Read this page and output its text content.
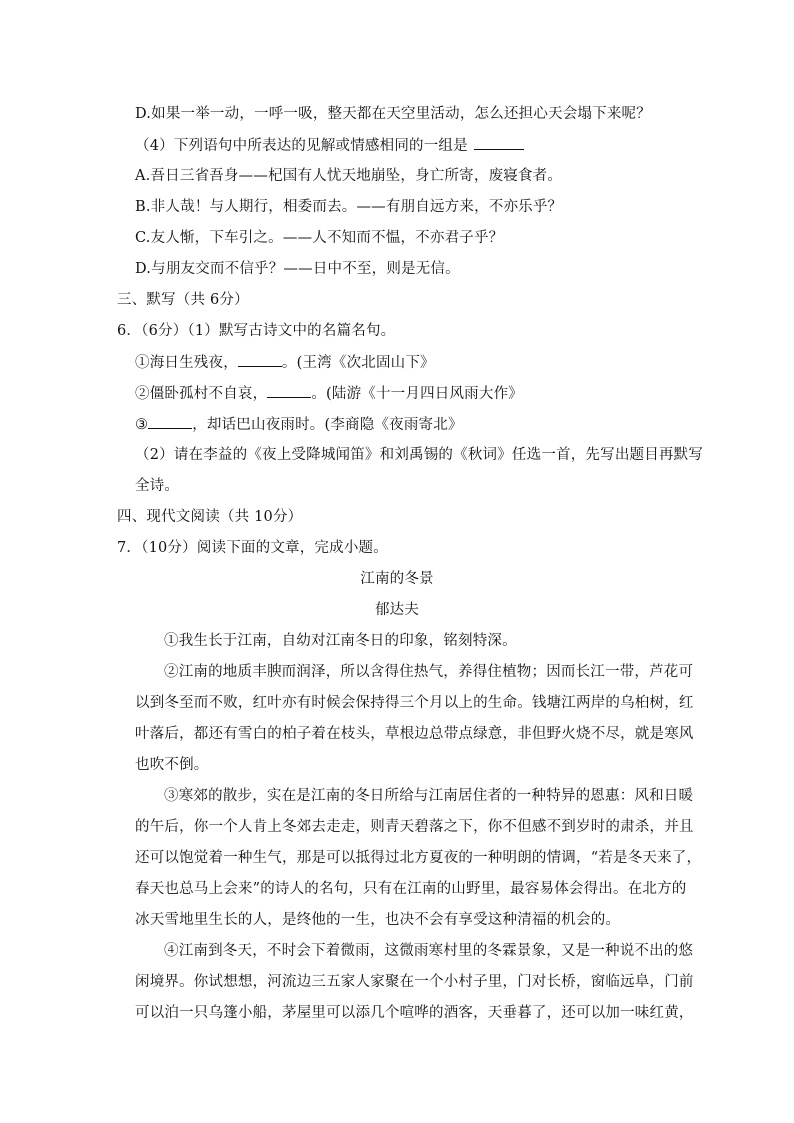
D.如果一举一动，一呼一吸，整天都在天空里活动，怎么还担心天会塌下来呢？
（4）下列语句中所表达的见解或情感相同的一组是
A.吾日三省吾身——杞国有人忧天地崩坠，身亡所寄，废寝食者。
B.非人哉！与人期行，相委而去。——有朋自远方来，不亦乐乎？
C.友人惭，下车引之。——人不知而不愠，不亦君子乎？
D.与朋友交而不信乎？——日中不至，则是无信。
三、默写（共 6分）
6．（6分）（1）默写古诗文中的名篇名句。
①海日生残夜，	。(王湾《次北固山下》
②僵卧孤村不自哀，	。(陆游《十一月四日风雨大作》
③	，却话巴山夜雨时。(李商隐《夜雨寄北》
（2）请在李益的《夜上受降城闻笛》和刘禹锡的《秋词》任选一首，先写出题目再默写
全诗。
四、现代文阅读（共 10分）
7．（10分）阅读下面的文章，完成小题。
江南的冬景
郁达夫
①我生长于江南，自幼对江南冬日的印象，铭刻特深。
②江南的地质丰腴而润泽，所以含得住热气，养得住植物；因而长江一带，芦花可
以到冬至而不败，红叶亦有时候会保持得三个月以上的生命。钱塘江两岸的乌桕树，红
叶落后，都还有雪白的柏子着在枝头，草根边总带点绿意，非但野火烧不尽，就是寒风
也吹不倒。
③寒郊的散步，实在是江南的冬日所给与江南居住者的一种特异的恩惠：风和日暖
的午后，你一个人肯上冬郊去走走，则青天碧落之下，你不但感不到岁时的肃杀，并且
还可以饱觉着一种生气，那是可以抵得过北方夏夜的一种明朗的情调，“若是冬天来了，
春天也总马上会来”的诗人的名句，只有在江南的山野里，最容易体会得出。在北方的
冰天雪地里生长的人，是终他的一生，也决不会有享受这种清福的机会的。
④江南到冬天，不时会下着微雨，这微雨寒村里的冬霖景象，又是一种说不出的悠
闲境界。你试想想，河流边三五家人家聚在一个小村子里，门对长桥，窗临远阜，门前
可以泊一只乌篷小船，茅屋里可以添几个喧哗的酒客，天垂暮了，还可以加一味红黄，
